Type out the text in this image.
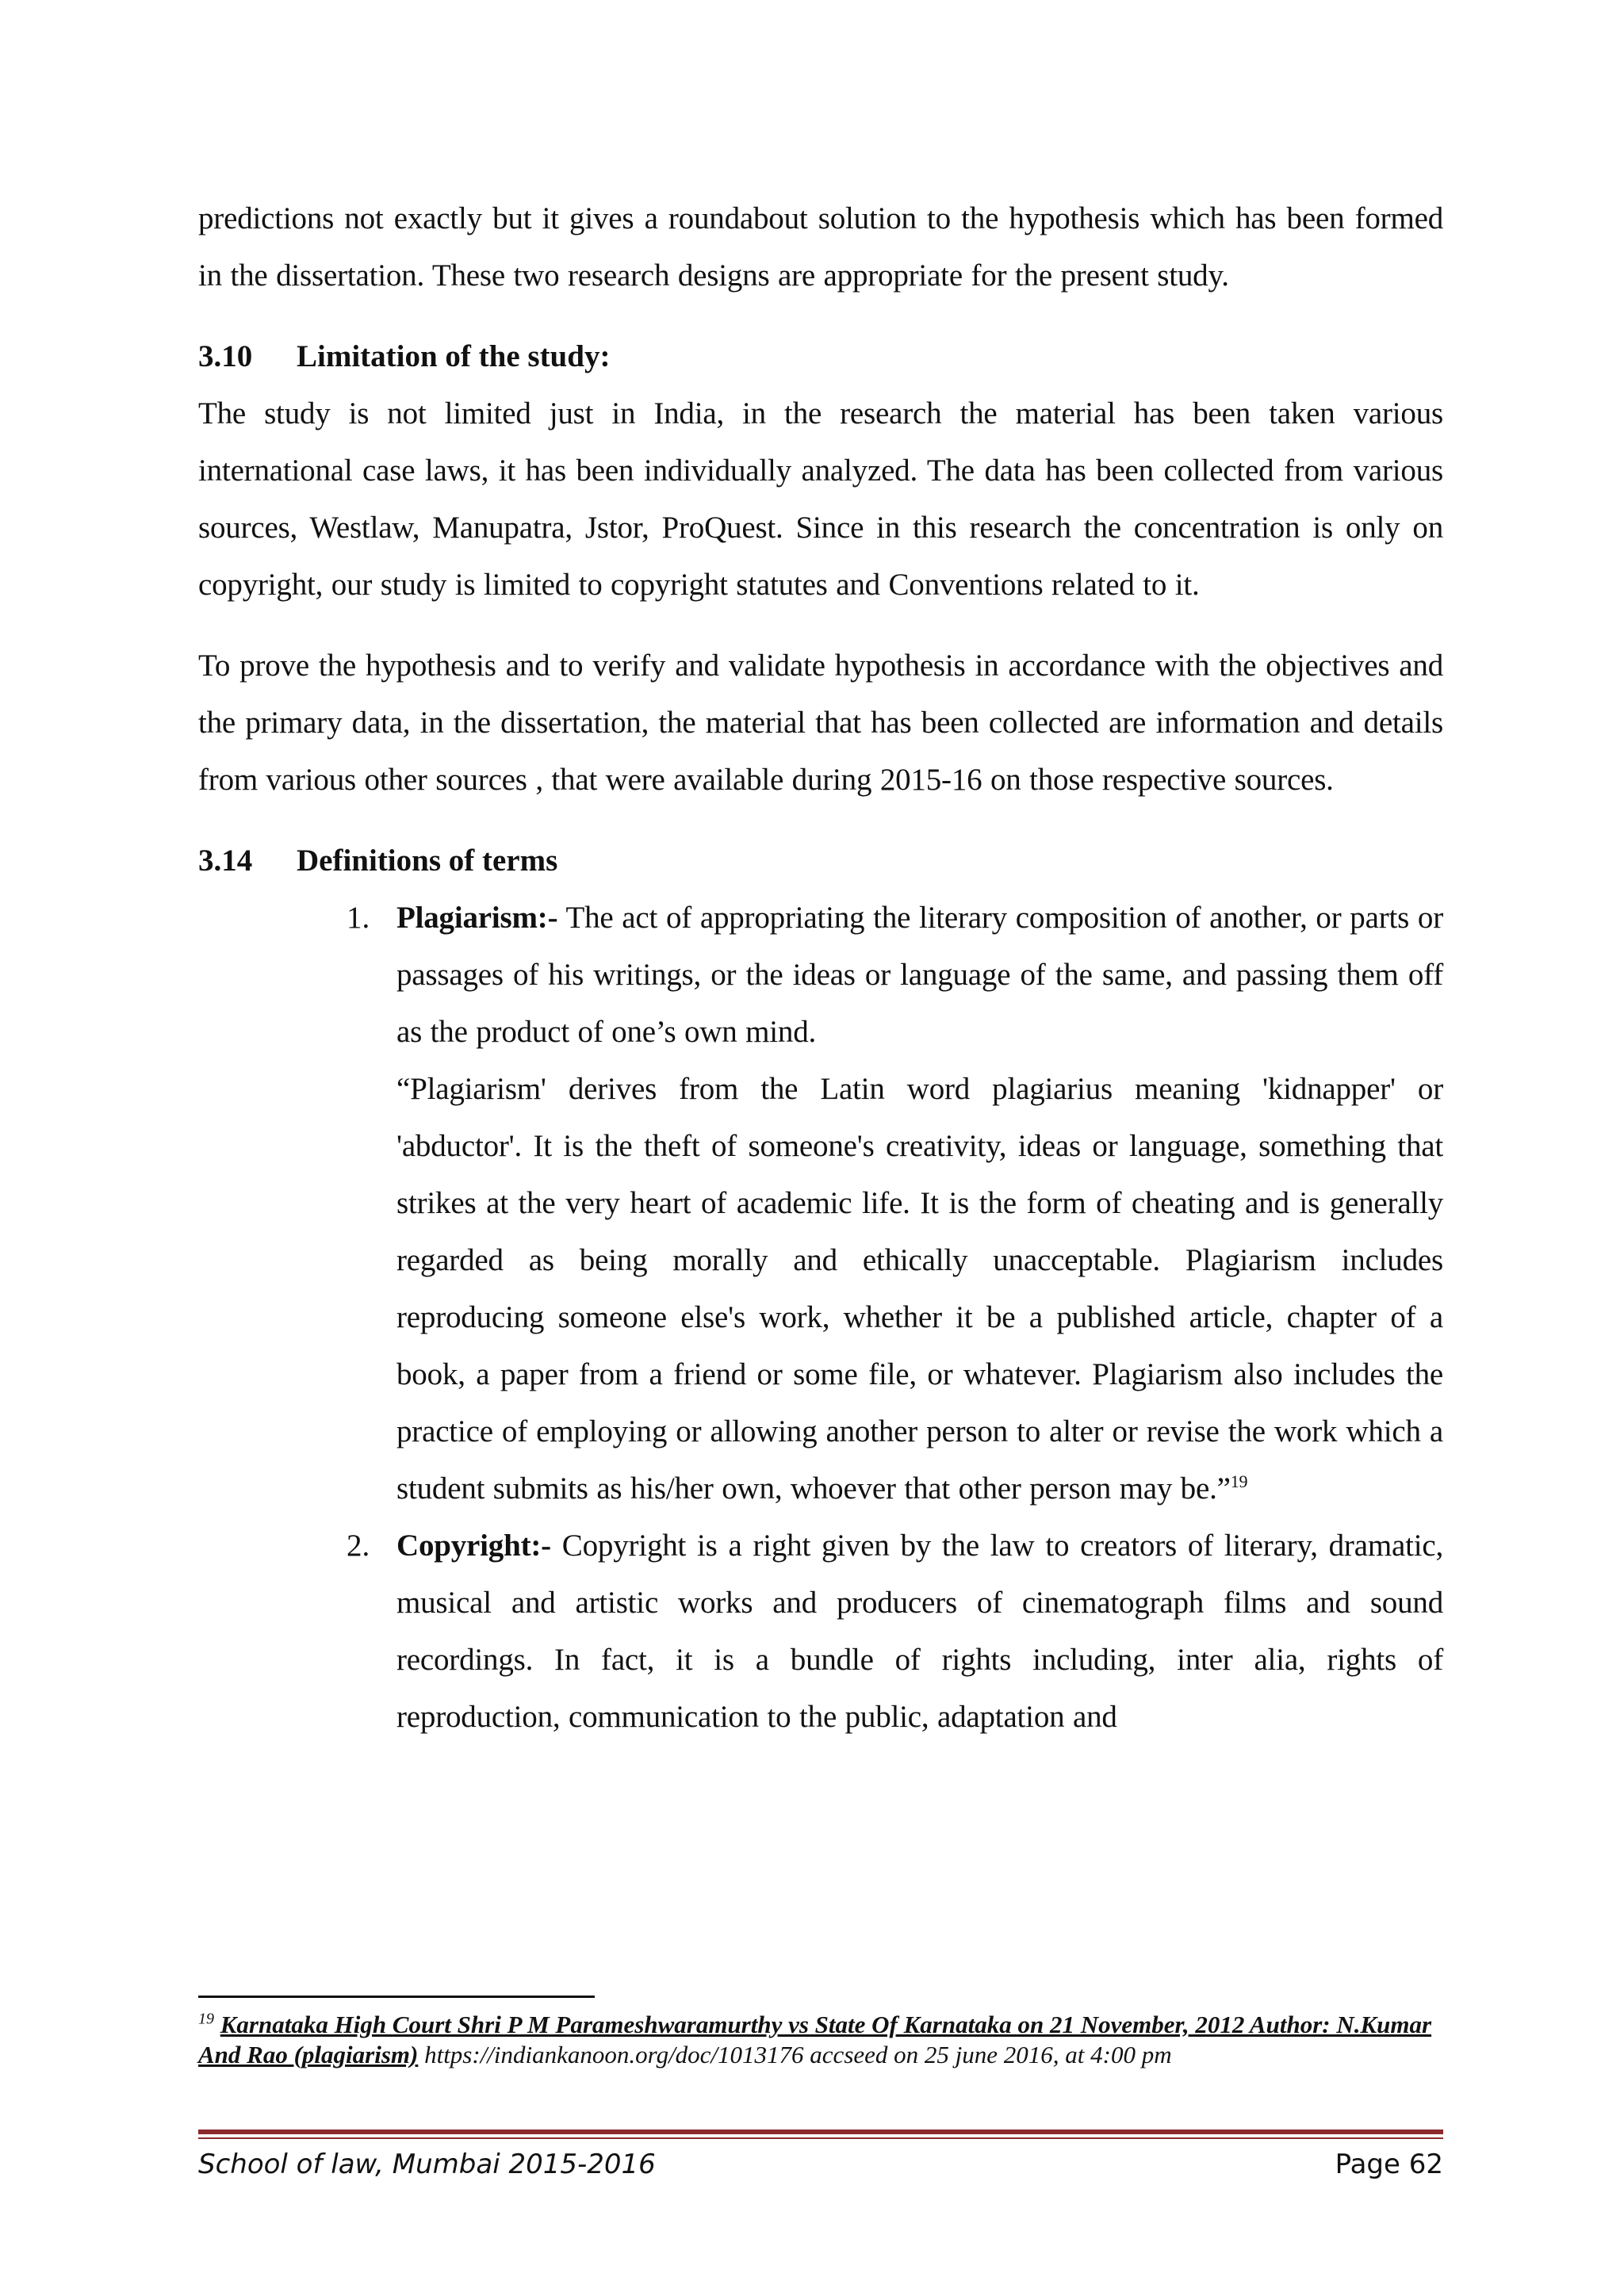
predictions not exactly but it gives a roundabout solution to the hypothesis which has been formed in the dissertation. These two research designs are appropriate for the present study.

3.10	Limitation of the study:

The study is not limited just in India, in the research the material has been taken various international case laws, it has been individually analyzed. The data has been collected from various sources, Westlaw, Manupatra, Jstor, ProQuest. Since in this research the concentration is only on copyright, our study is limited to copyright statutes and Conventions related to it.

To prove the hypothesis and to verify and validate hypothesis in accordance with the objectives and the primary data, in the dissertation, the material that has been collected are information and details from various other sources , that were available during 2015-16 on those respective sources.

3.14	Definitions of terms
1. Plagiarism:- The act of appropriating the literary composition of another, or parts or passages of his writings, or the ideas or language of the same, and passing them off as the product of one’s own mind.

“Plagiarism' derives from the Latin word plagiarius meaning 'kidnapper' or 'abductor'. It is the theft of someone's creativity, ideas or language, something that strikes at the very heart of academic life. It is the form of cheating and is generally regarded as being morally and ethically unacceptable. Plagiarism includes reproducing someone else's work, whether it be a published article, chapter of a book, a paper from a friend or some file, or whatever. Plagiarism also includes the practice of employing or allowing another person to alter or revise the work which a student submits as his/her own, whoever that other person may be.”$^{19}$

2. Copyright:- Copyright is a right given by the law to creators of literary, dramatic, musical and artistic works and producers of cinematograph films and sound recordings. In fact, it is a bundle of rights including, inter alia, rights of reproduction, communication to the public, adaptation and

$^{19}$ Karnataka High Court Shri P M Parameshwaramurthy vs State Of Karnataka on 21 November, 2012 Author: N.Kumar And Rao (plagiarism) https://indiankanoon.org/doc/1013176 accseed on 25 june 2016, at 4:00 pm
School of law, Mumbai 2015-2016	Page 62
